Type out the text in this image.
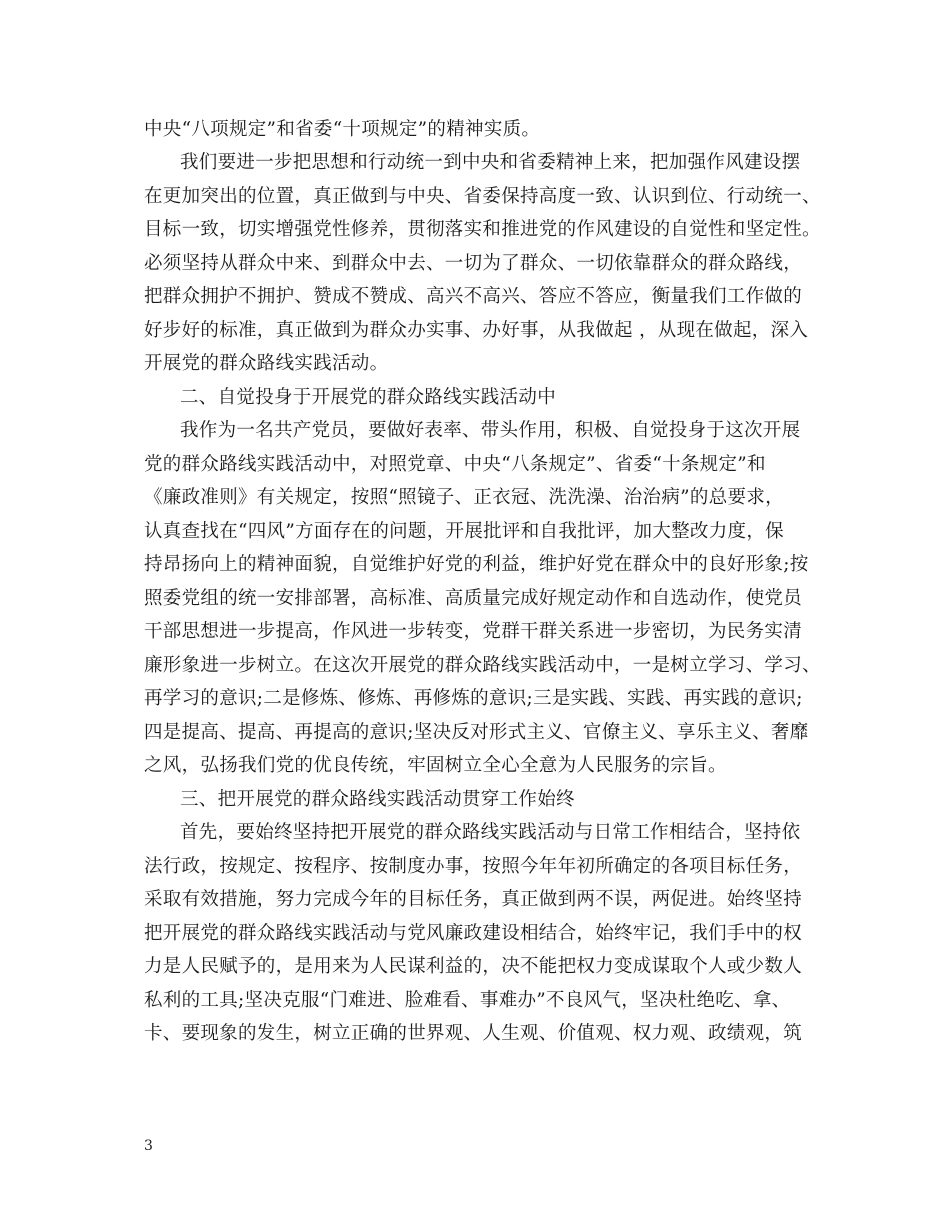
中央“八项规定”和省委“十项规定”的精神实质。
我们要进一步把思想和行动统一到中央和省委精神上来，把加强作风建设摆
在更加突出的位置，真正做到与中央、省委保持高度一致、认识到位、行动统一、
目标一致，切实增强党性修养，贯彻落实和推进党的作风建设的自觉性和坚定性。
必须坚持从群众中来、到群众中去、一切为了群众、一切依靠群众的群众路线，
把群众拥护不拥护、赞成不赞成、高兴不高兴、答应不答应，衡量我们工作做的
好步好的标准，真正做到为群众办实事、办好事，从我做起 ，从现在做起，深入
开展党的群众路线实践活动。
二、自觉投身于开展党的群众路线实践活动中
我作为一名共产党员，要做好表率、带头作用，积极、自觉投身于这次开展
党的群众路线实践活动中，对照党章、中央“八条规定”、省委“十条规定”和
《廉政准则》有关规定，按照“照镜子、正衣冠、洗洗澡、治治病”的总要求，
认真查找在“四风”方面存在的问题，开展批评和自我批评，加大整改力度，保
持昂扬向上的精神面貌，自觉维护好党的利益，维护好党在群众中的良好形象;按
照委党组的统一安排部署，高标准、高质量完成好规定动作和自选动作，使党员
干部思想进一步提高，作风进一步转变，党群干群关系进一步密切，为民务实清
廉形象进一步树立。在这次开展党的群众路线实践活动中，一是树立学习、学习、
再学习的意识;二是修炼、修炼、再修炼的意识;三是实践、实践、再实践的意识;
四是提高、提高、再提高的意识;坚决反对形式主义、官僚主义、享乐主义、奢靡
之风，弘扬我们党的优良传统，牢固树立全心全意为人民服务的宗旨。
三、把开展党的群众路线实践活动贯穿工作始终
首先，要始终坚持把开展党的群众路线实践活动与日常工作相结合，坚持依
法行政，按规定、按程序、按制度办事，按照今年年初所确定的各项目标任务，
采取有效措施，努力完成今年的目标任务，真正做到两不误，两促进。始终坚持
把开展党的群众路线实践活动与党风廉政建设相结合，始终牢记，我们手中的权
力是人民赋予的，是用来为人民谋利益的，决不能把权力变成谋取个人或少数人
私利的工具;坚决克服“门难进、脸难看、事难办”不良风气，坚决杜绝吃、拿、
卡、要现象的发生，树立正确的世界观、人生观、价值观、权力观、政绩观，筑
3
